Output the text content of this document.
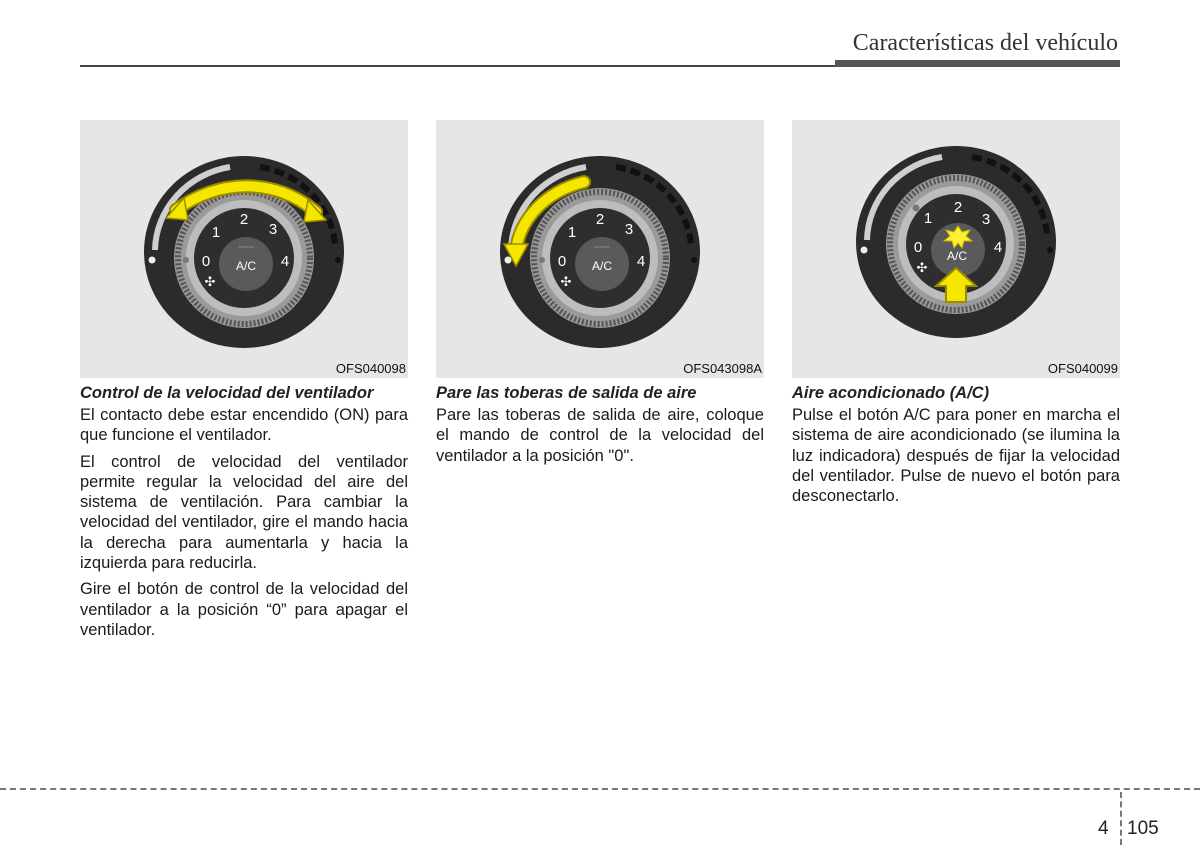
Características del vehículo
0
1
2
3
4
A/C
✣
OFS040098
Control de la velocidad del ventilador

El contacto debe estar encendido (ON) para que funcione el ventilador.

El control de velocidad del ventilador permite regular la velocidad del aire del sistema de ventilación. Para cambiar la velocidad del ventilador, gire el mando hacia la derecha para aumentarla y hacia la izquierda para reducirla.

Gire el botón de control de la velocidad del ventilador a la posición “0” para apagar el ventilador.

0
1
2
3
4
A/C
✣
OFS043098A
Pare las toberas de salida de aire

Pare las toberas de salida de aire, coloque el mando de control de la velocidad del ventilador a la posición "0".

0
1
2
3
4
A/C
✣
OFS040099
Aire acondicionado (A/C)

Pulse el botón A/C para poner en marcha el sistema de aire acondicionado (se ilumina la luz indicadora) después de fijar la velocidad del ventilador. Pulse de nuevo el botón para desconectarlo.

4 105
